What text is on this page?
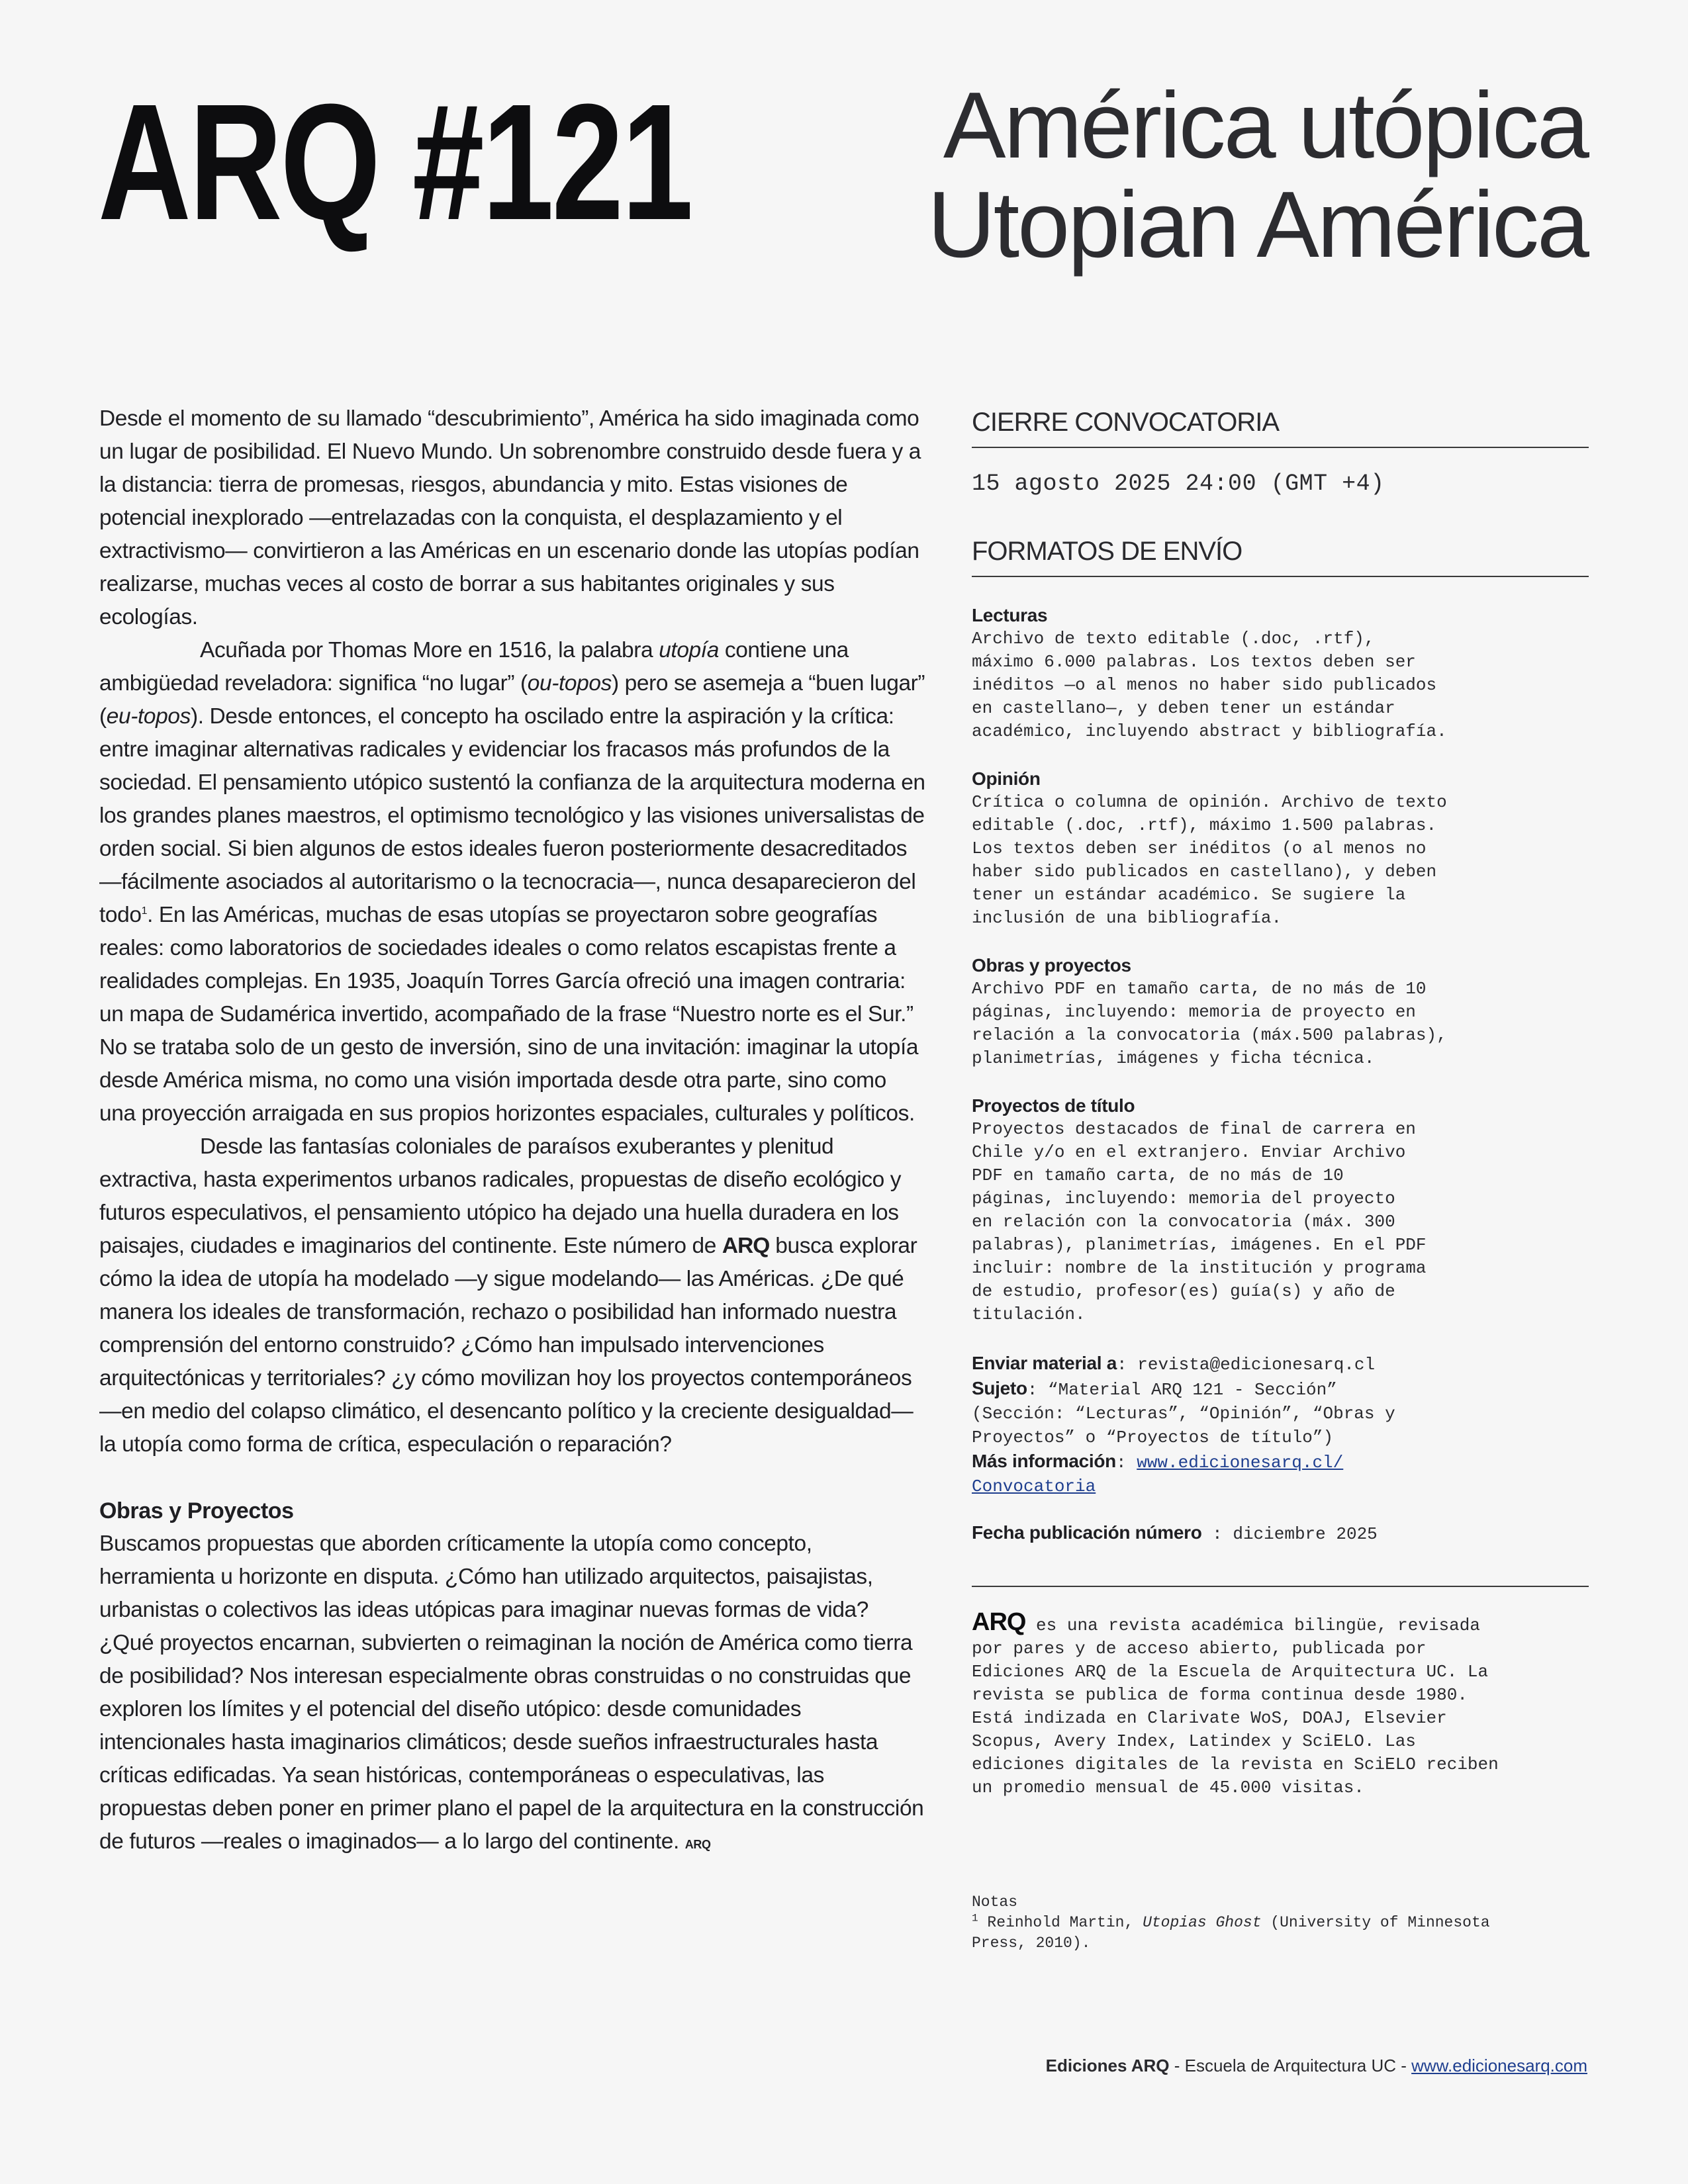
ARQ #121	América utópica
Utopian América

Desde el momento de su llamado “descubrimiento”, América ha sido imaginada como un lugar de posibilidad. El Nuevo Mundo. Un sobrenombre construido desde fuera y a la distancia: tierra de promesas, riesgos, abundancia y mito. Estas visiones de potencial inexplorado —entrelazadas con la conquista, el desplazamiento y el extractivismo— convirtieron a las Américas en un escenario donde las utopías podían realizarse, muchas veces al costo de borrar a sus habitantes originales y sus ecologías.

Acuñada por Thomas More en 1516, la palabra utopía contiene una ambigüedad reveladora: significa “no lugar” (ou-topos) pero se asemeja a “buen lugar” (eu-topos). Desde entonces, el concepto ha oscilado entre la aspiración y la crítica: entre imaginar alternativas radicales y evidenciar los fracasos más profundos de la sociedad. El pensamiento utópico sustentó la confianza de la arquitectura moderna en los grandes planes maestros, el optimismo tecnológico y las visiones universalistas de orden social. Si bien algunos de estos ideales fueron posteriormente desacreditados —fácilmente asociados al autoritarismo o la tecnocracia—, nunca desaparecieron del todo$^1$. En las Américas, muchas de esas utopías se proyectaron sobre geografías reales: como laboratorios de sociedades ideales o como relatos escapistas frente a realidades complejas. En 1935, Joaquín Torres García ofreció una imagen contraria: un mapa de Sudamérica invertido, acompañado de la frase “Nuestro norte es el Sur.” No se trataba solo de un gesto de inversión, sino de una invitación: imaginar la utopía desde América misma, no como una visión importada desde otra parte, sino como una proyección arraigada en sus propios horizontes espaciales, culturales y políticos.

Desde las fantasías coloniales de paraísos exuberantes y plenitud extractiva, hasta experimentos urbanos radicales, propuestas de diseño ecológico y futuros especulativos, el pensamiento utópico ha dejado una huella duradera en los paisajes, ciudades e imaginarios del continente. Este número de ARQ busca explorar cómo la idea de utopía ha modelado —y sigue modelando— las Américas. ¿De qué manera los ideales de transformación, rechazo o posibilidad han informado nuestra comprensión del entorno construido? ¿Cómo han impulsado intervenciones arquitectónicas y territoriales? ¿y cómo movilizan hoy los proyectos contemporáneos —en medio del colapso climático, el desencanto político y la creciente desigualdad— la utopía como forma de crítica, especulación o reparación?

Obras y Proyectos

Buscamos propuestas que aborden críticamente la utopía como concepto, herramienta u horizonte en disputa. ¿Cómo han utilizado arquitectos, paisajistas, urbanistas o colectivos las ideas utópicas para imaginar nuevas formas de vida? ¿Qué proyectos encarnan, subvierten o reimaginan la noción de América como tierra de posibilidad? Nos interesan especialmente obras construidas o no construidas que exploren los límites y el potencial del diseño utópico: desde comunidades intencionales hasta imaginarios climáticos; desde sueños infraestructurales hasta críticas edificadas. Ya sean históricas, contemporáneas o especulativas, las propuestas deben poner en primer plano el papel de la arquitectura en la construcción de futuros —reales o imaginados— a lo largo del continente. ARQ

CIERRE CONVOCATORIA
15 agosto 2025 24:00 (GMT +4)
FORMATOS DE ENVÍO
Lecturas
Archivo de texto editable (.doc, .rtf),
máximo 6.000 palabras. Los textos deben ser
inéditos —o al menos no haber sido publicados
en castellano—, y deben tener un estándar
académico, incluyendo abstract y bibliografía.
Opinión
Crítica o columna de opinión. Archivo de texto
editable (.doc, .rtf), máximo 1.500 palabras.
Los textos deben ser inéditos (o al menos no
haber sido publicados en castellano), y deben
tener un estándar académico. Se sugiere la
inclusión de una bibliografía.
Obras y proyectos
Archivo PDF en tamaño carta, de no más de 10
páginas, incluyendo: memoria de proyecto en
relación a la convocatoria (máx.500 palabras),
planimetrías, imágenes y ficha técnica.
Proyectos de título
Proyectos destacados de final de carrera en
Chile y/o en el extranjero. Enviar Archivo
PDF en tamaño carta, de no más de 10
páginas, incluyendo: memoria del proyecto
en relación con la convocatoria (máx. 300
palabras), planimetrías, imágenes. En el PDF
incluir: nombre de la institución y programa
de estudio, profesor(es) guía(s) y año de
titulación.
Enviar material a: revista@edicionesarq.cl
Sujeto: “Material ARQ 121 - Sección”
(Sección: “Lecturas”, “Opinión”, “Obras y
Proyectos” o “Proyectos de título”)
Más información: www.edicionesarq.cl/
Convocatoria
Fecha publicación número : diciembre 2025
ARQ es una revista académica bilingüe, revisada
por pares y de acceso abierto, publicada por
Ediciones ARQ de la Escuela de Arquitectura UC. La
revista se publica de forma continua desde 1980.
Está indizada en Clarivate WoS, DOAJ, Elsevier
Scopus, Avery Index, Latindex y SciELO. Las
ediciones digitales de la revista en SciELO reciben
un promedio mensual de 45.000 visitas.
Notas
$^1$ Reinhold Martin, Utopias Ghost (University of Minnesota
Press, 2010).
Ediciones ARQ - Escuela de Arquitectura UC - www.edicionesarq.com
